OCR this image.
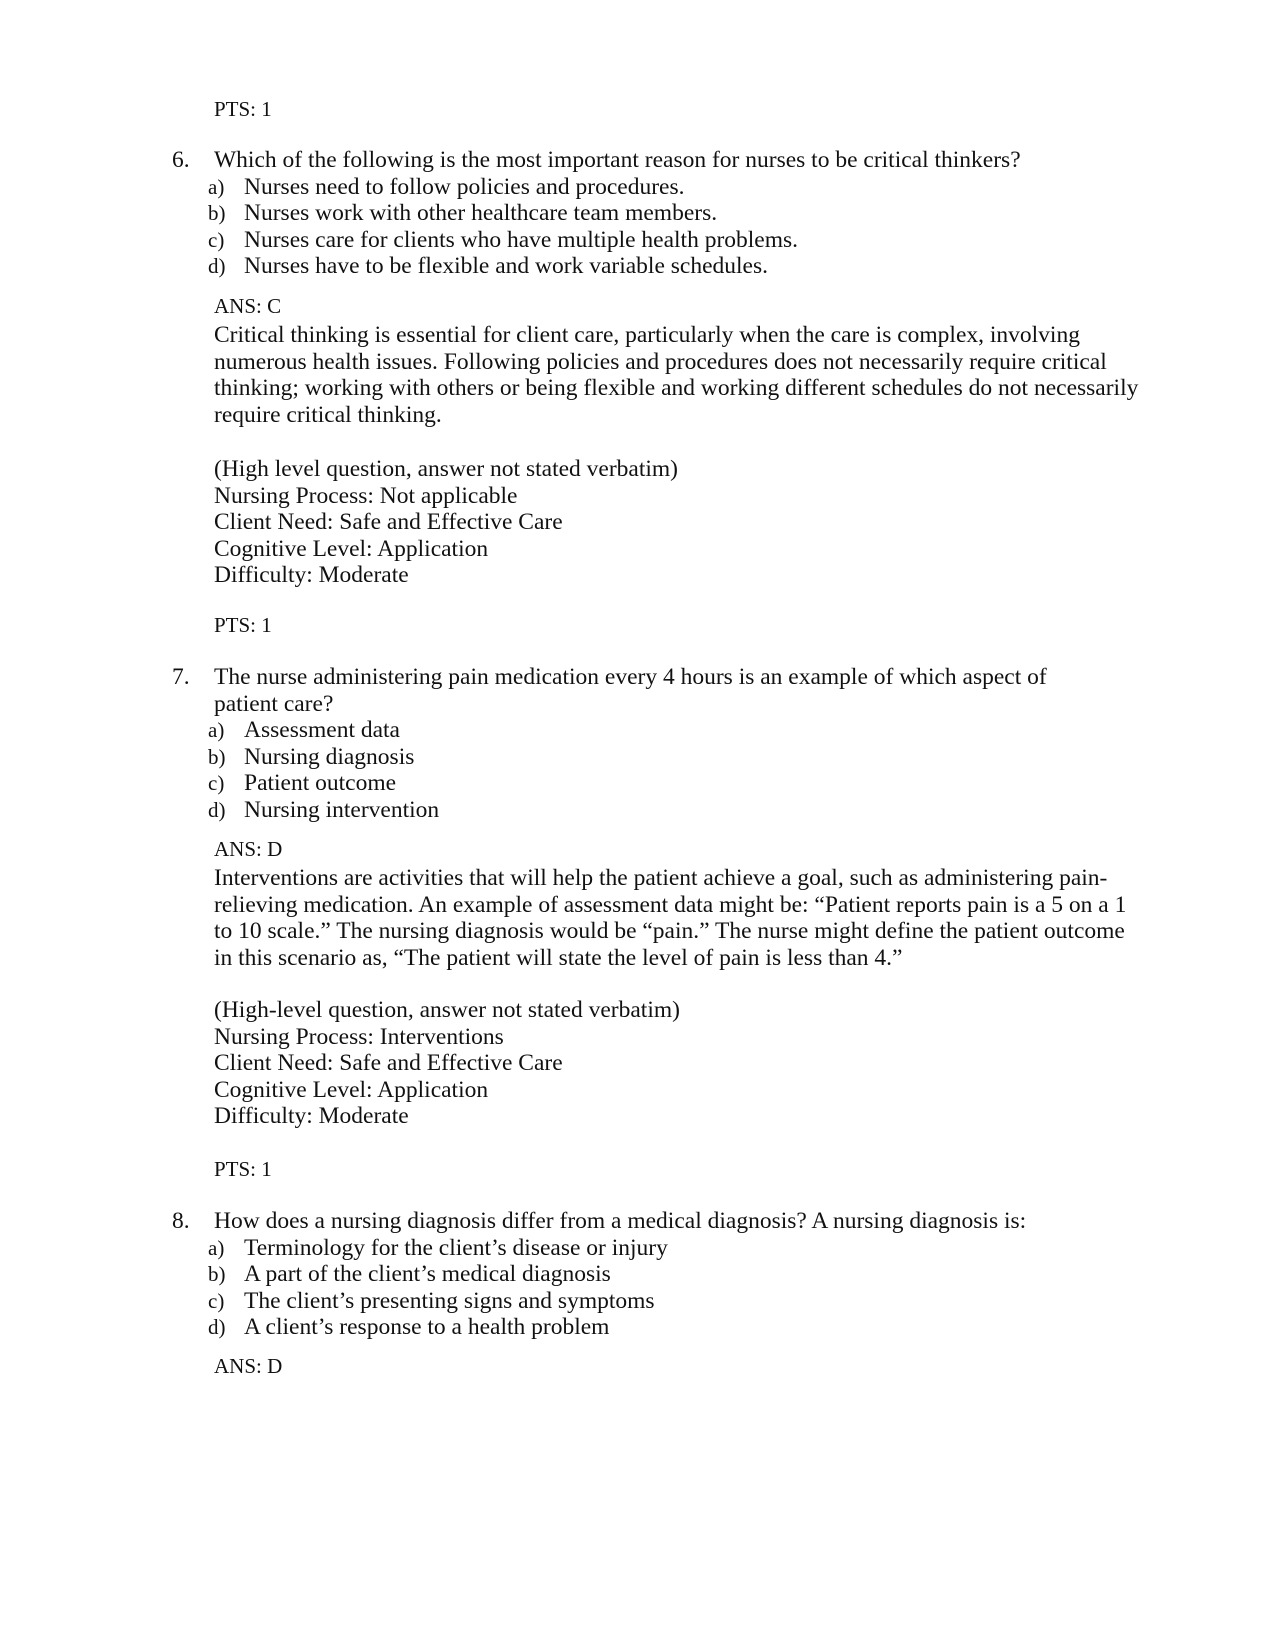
PTS: 1
6.	Which of the following is the most important reason for nurses to be critical thinkers?
a) Nurses need to follow policies and procedures.
b) Nurses work with other healthcare team members.
c) Nurses care for clients who have multiple health problems.
d) Nurses have to be flexible and work variable schedules.
ANS: C

Critical thinking is essential for client care, particularly when the care is complex, involving numerous health issues. Following policies and procedures does not necessarily require critical thinking; working with others or being flexible and working different schedules do not necessarily require critical thinking.

(High level question, answer not stated verbatim)
Nursing Process: Not applicable
Client Need: Safe and Effective Care
Cognitive Level: Application
Difficulty: Moderate
PTS: 1
7.	The nurse administering pain medication every 4 hours is an example of which aspect of patient care?
a) Assessment data
b) Nursing diagnosis
c) Patient outcome
d) Nursing intervention
ANS: D

Interventions are activities that will help the patient achieve a goal, such as administering pain-relieving medication. An example of assessment data might be: “Patient reports pain is a 5 on a 1 to 10 scale.” The nursing diagnosis would be “pain.” The nurse might define the patient outcome in this scenario as, “The patient will state the level of pain is less than 4.”

(High-level question, answer not stated verbatim)
Nursing Process: Interventions
Client Need: Safe and Effective Care
Cognitive Level: Application
Difficulty: Moderate
PTS: 1
8.	How does a nursing diagnosis differ from a medical diagnosis? A nursing diagnosis is:
a) Terminology for the client’s disease or injury
b) A part of the client’s medical diagnosis
c) The client’s presenting signs and symptoms
d) A client’s response to a health problem
ANS: D
